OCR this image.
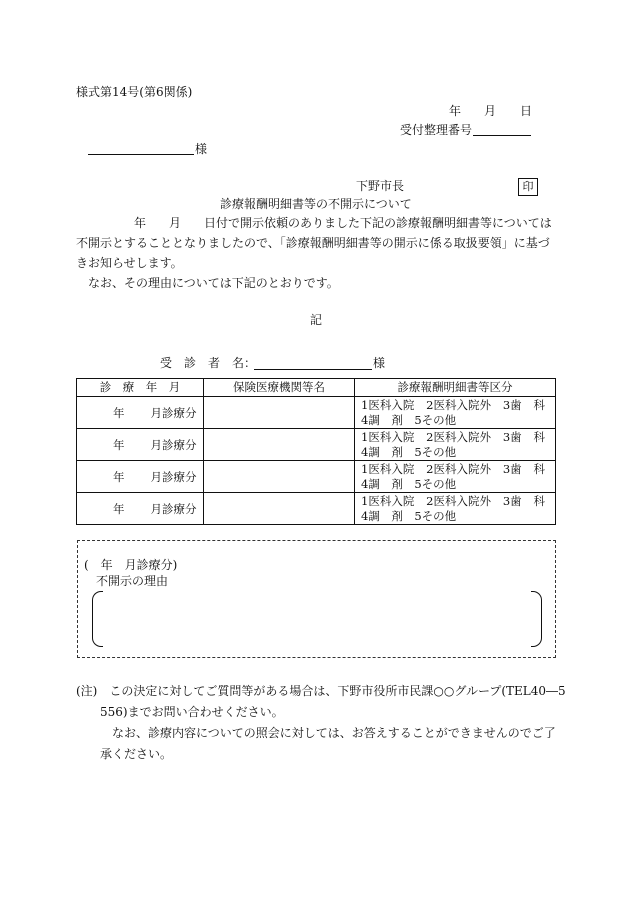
様式第14号(第6関係)
年 月 日
受付整理番号
様
下野市長	印
診療報酬明細書等の不開示について
年 月 日付で開示依頼のありました下記の診療報酬明細書等については
不開示とすることとなりましたので、「診療報酬明細書等の開示に係る取扱要領」に基づ
きお知らせします。
なお、その理由については下記のとおりです。
記
受　診　者　名：	様
診　療　年　月	保険医療機関等名	診療報酬明細書等区分
年 月診療分		1医科入院 2医科入院外 3歯 科
4調　剤　5その他

年 月診療分		1医科入院 2医科入院外 3歯 科
4調　剤　5その他

年 月診療分		1医科入院 2医科入院外 3歯 科
4調　剤　5その他

年 月診療分		1医科入院 2医科入院外 3歯 科
4調　剤　5その他
(　年　月診療分)
不開示の理由
(注) この決定に対してご質問等がある場合は、下野市役所市民課○○グループ(TEL40―5
556)までお問い合わせください。
なお、診療内容についての照会に対しては、お答えすることができませんのでご了
承ください。
